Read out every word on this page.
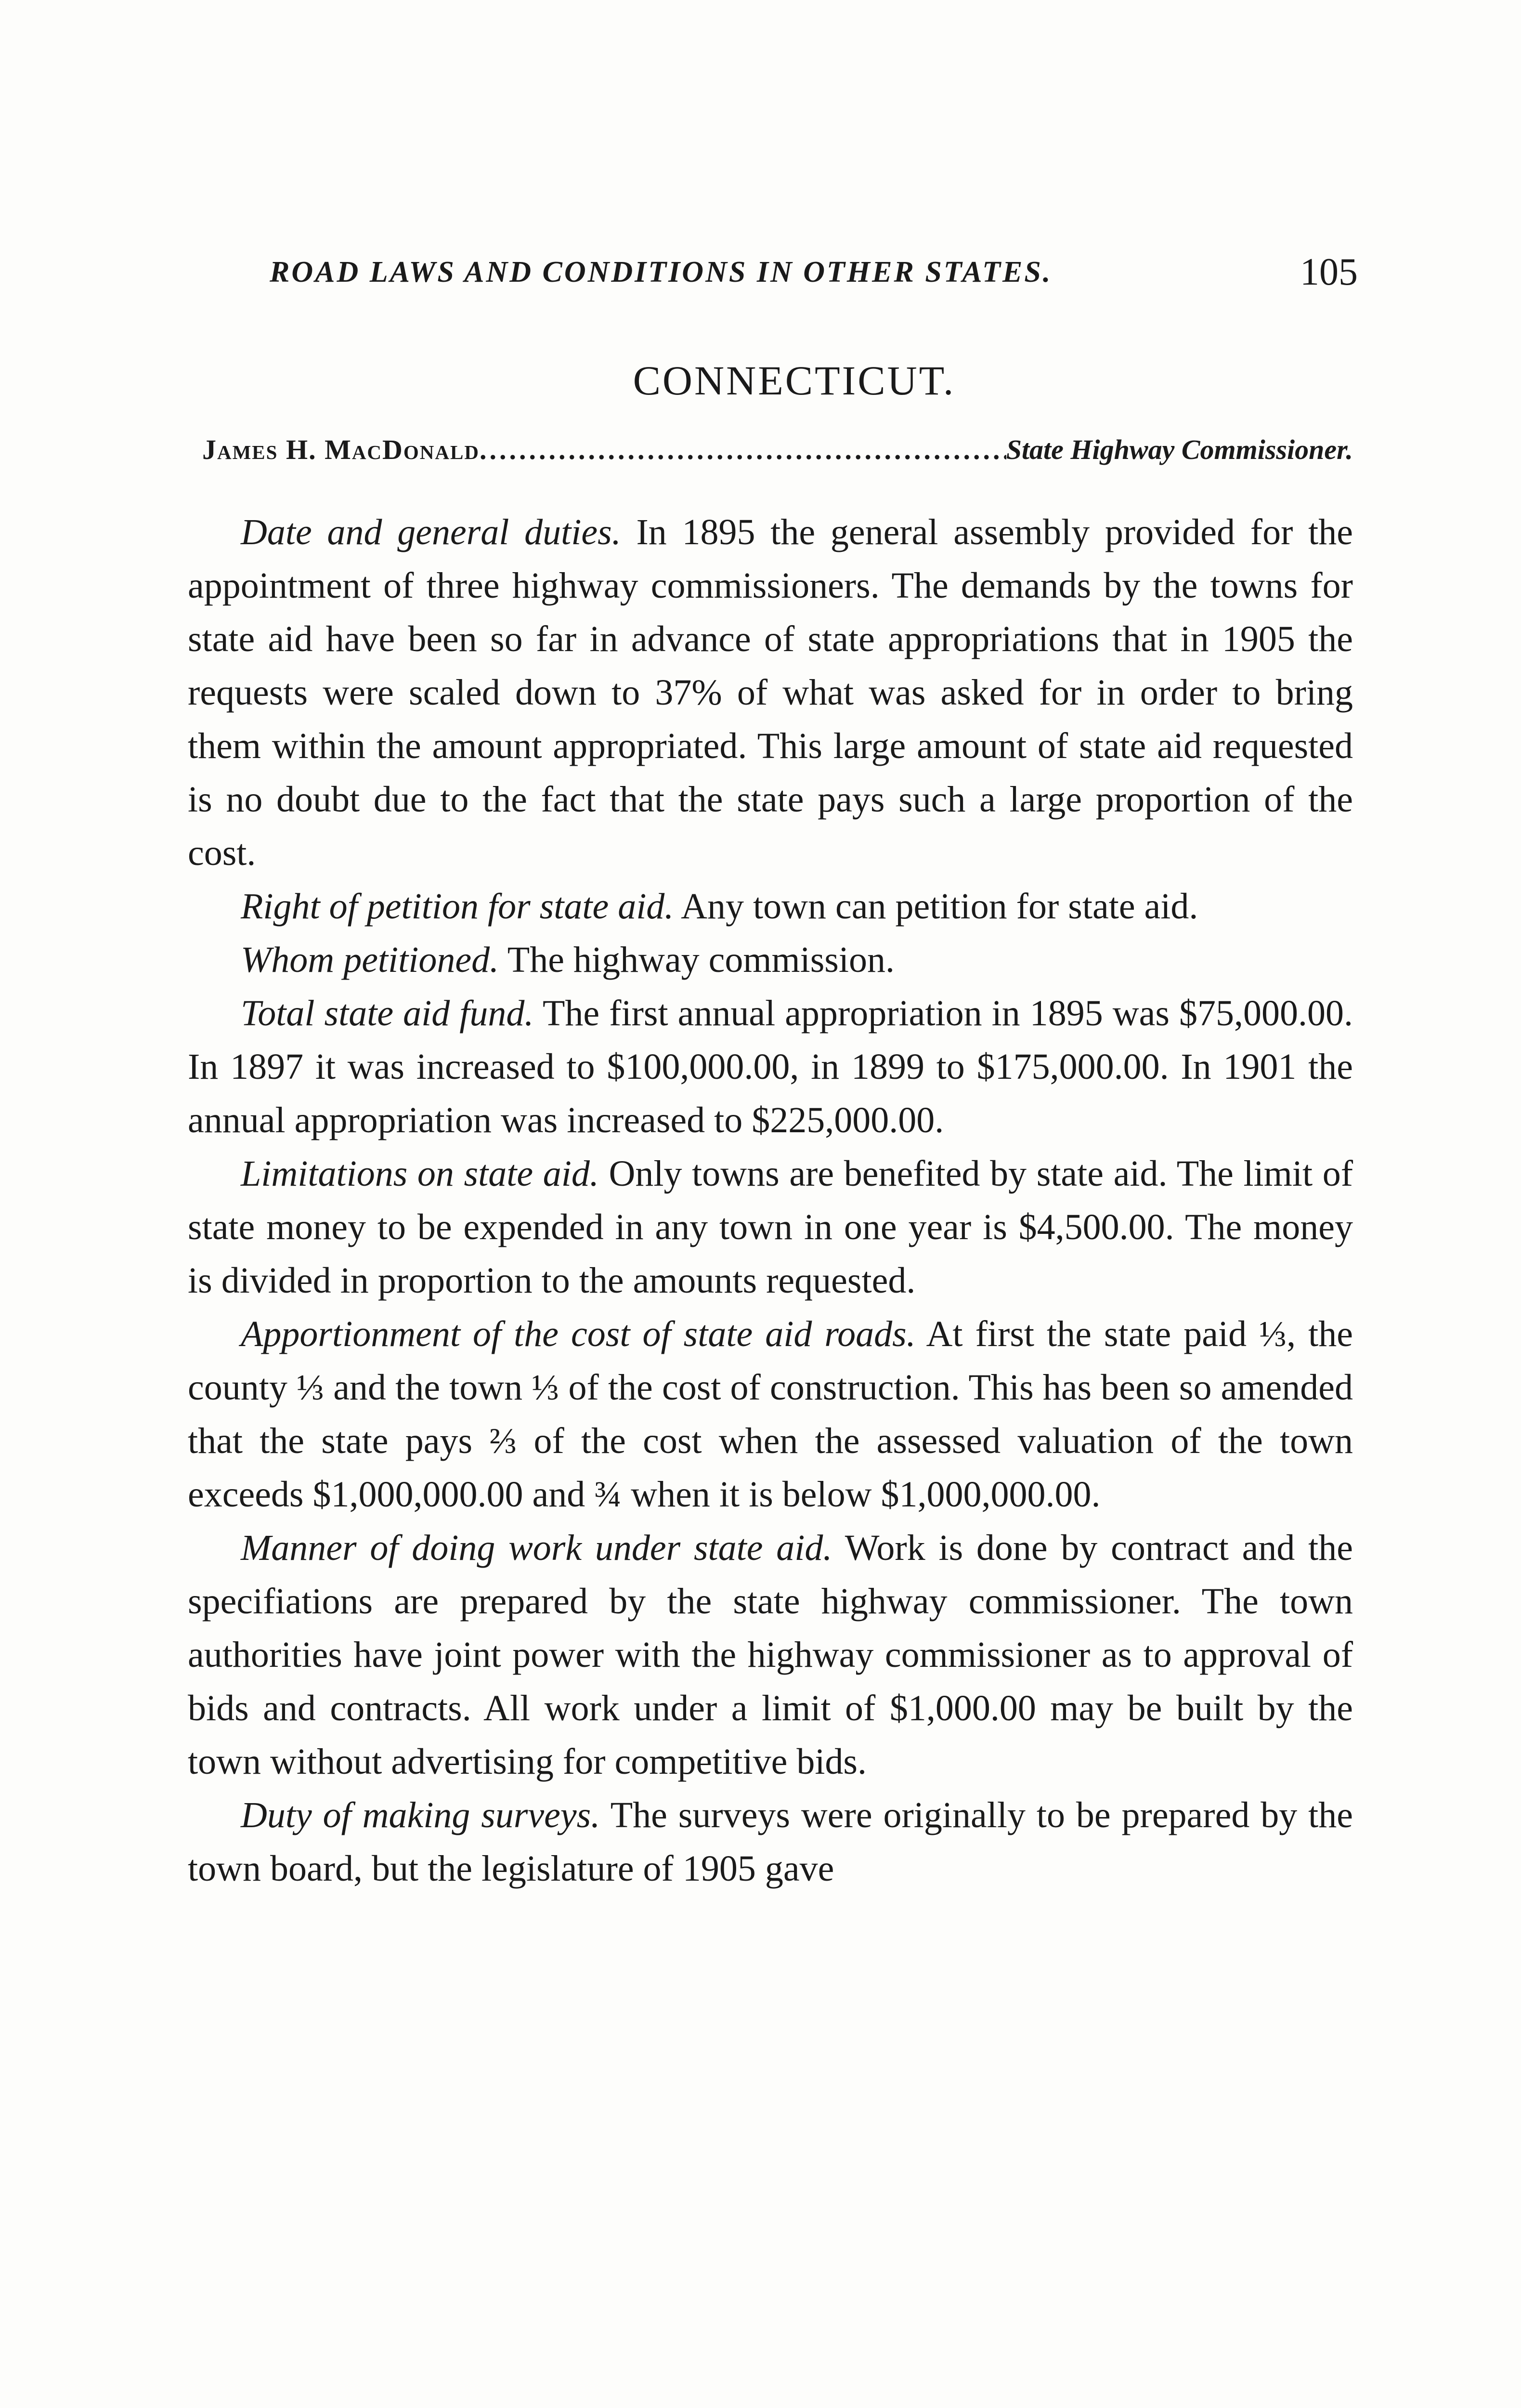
ROAD LAWS AND CONDITIONS IN OTHER STATES.	105
CONNECTICUT.
James H. MacDonald
.....	State Highway Commissioner.

Date and general duties. In 1895 the general assembly provided for the appointment of three highway commissioners. The demands by the towns for state aid have been so far in advance of state appropriations that in 1905 the requests were scaled down to 37% of what was asked for in order to bring them within the amount appropriated. This large amount of state aid requested is no doubt due to the fact that the state pays such a large proportion of the cost.

Right of petition for state aid. Any town can petition for state aid.

Whom petitioned. The highway commission.

Total state aid fund. The first annual appropriation in 1895 was $75,000.00. In 1897 it was increased to $100,000.00, in 1899 to $175,000.00. In 1901 the annual appropriation was increased to $225,000.00.

Limitations on state aid. Only towns are benefited by state aid. The limit of state money to be expended in any town in one year is $4,500.00. The money is divided in proportion to the amounts requested.

Apportionment of the cost of state aid roads. At first the state paid ⅓, the county ⅓ and the town ⅓ of the cost of construction. This has been so amended that the state pays ⅔ of the cost when the assessed valuation of the town exceeds $1,000,000.00 and ¾ when it is below $1,000,000.00.

Manner of doing work under state aid. Work is done by contract and the specifiations are prepared by the state highway commissioner. The town authorities have joint power with the highway commissioner as to approval of bids and contracts. All work under a limit of $1,000.00 may be built by the town without advertising for competitive bids.

Duty of making surveys. The surveys were originally to be prepared by the town board, but the legislature of 1905 gave
